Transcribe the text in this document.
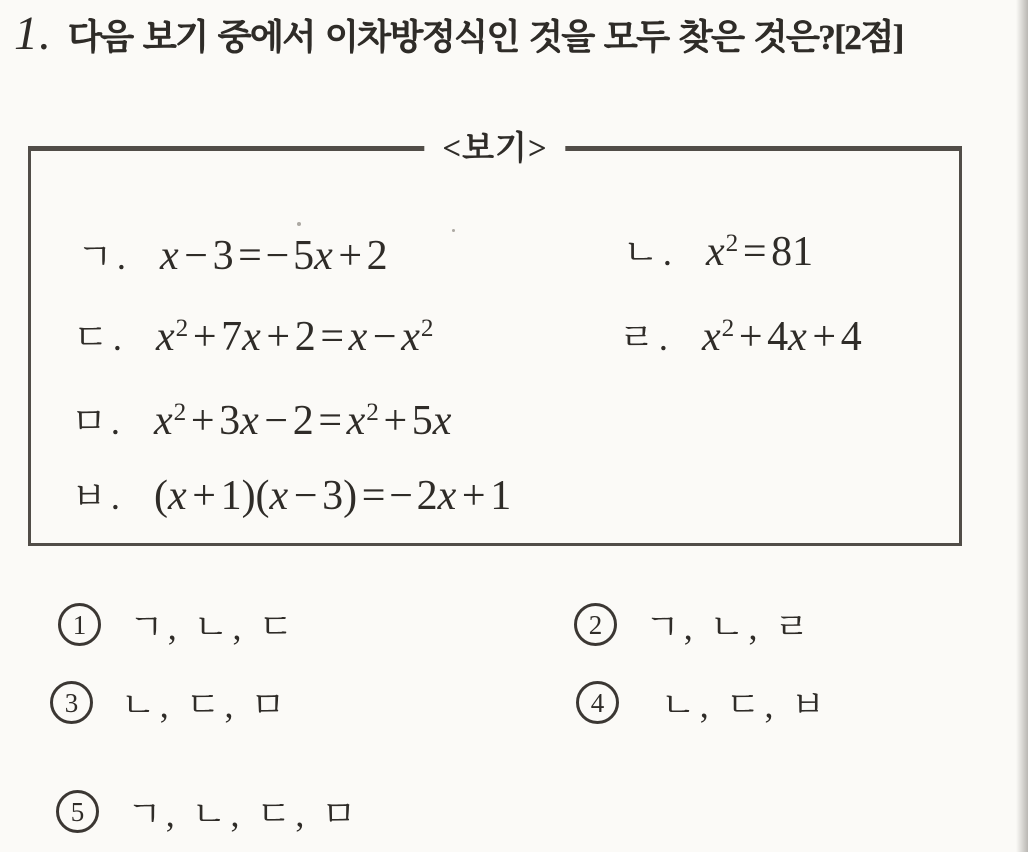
1. 다음 보기 중에서 이차방정식인 것을 모두 찾은 것은?[2점]
<보기>
ㄱ. x − 3 =−5x + 2	ㄴ. $x^2 = 81$
ㄷ. $x^2 + 7x + 2 = x - x^2$	ㄹ. $x^2 + 4x + 4$
ㅁ. $x^2 + 3x - 2 = x^2 + 5x$
ㅂ. (x + 1)(x − 3) =−2x + 1
1 ㄱ, ㄴ, ㄷ	2 ㄱ, ㄴ, ㄹ
3 ㄴ, ㄷ, ㅁ	4 ㄴ, ㄷ, ㅂ
5 ㄱ, ㄴ, ㄷ, ㅁ
